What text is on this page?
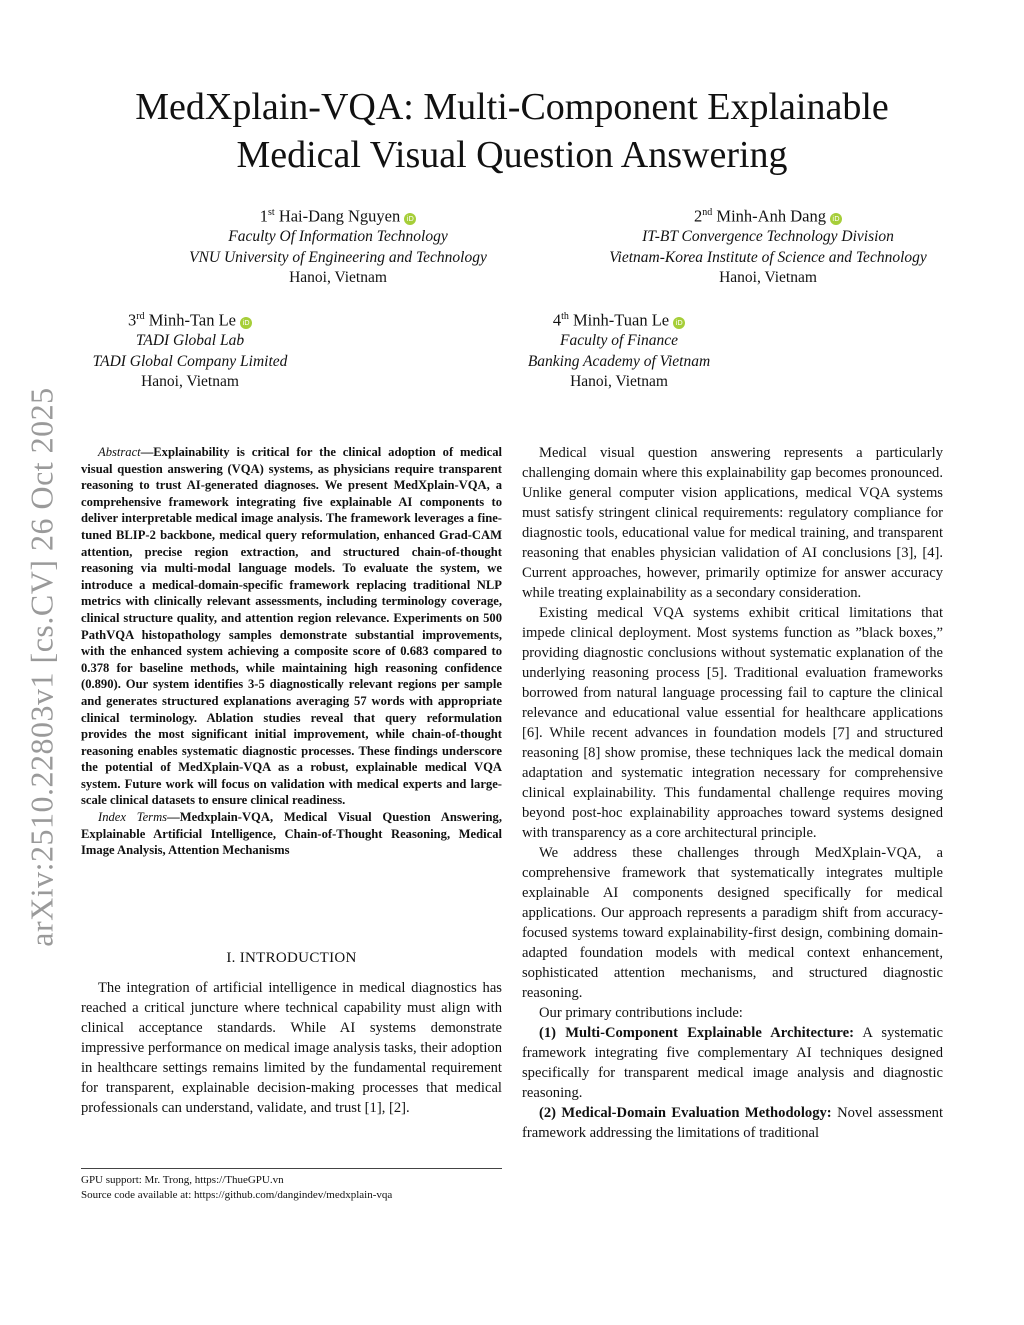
arXiv:2510.22803v1 [cs.CV] 26 Oct 2025
MedXplain-VQA: Multi-Component Explainable
Medical Visual Question Answering
1st Hai-Dang Nguyen iD
Faculty Of Information Technology
VNU University of Engineering and Technology
Hanoi, Vietnam
2nd Minh-Anh Dang iD
IT-BT Convergence Technology Division
Vietnam-Korea Institute of Science and Technology
Hanoi, Vietnam
3rd Minh-Tan Le iD
TADI Global Lab
TADI Global Company Limited
Hanoi, Vietnam
4th Minh-Tuan Le iD
Faculty of Finance
Banking Academy of Vietnam
Hanoi, Vietnam

Abstract—Explainability is critical for the clinical adoption of medical visual question answering (VQA) systems, as physicians require transparent reasoning to trust AI-generated diagnoses. We present MedXplain-VQA, a comprehensive framework integrating five explainable AI components to deliver interpretable medical image analysis. The framework leverages a fine-tuned BLIP-2 backbone, medical query reformulation, enhanced Grad-CAM attention, precise region extraction, and structured chain-of-thought reasoning via multi-modal language models. To evaluate the system, we introduce a medical-domain-specific framework replacing traditional NLP metrics with clinically relevant assessments, including terminology coverage, clinical structure quality, and attention region relevance. Experiments on 500 PathVQA histopathology samples demonstrate substantial improvements, with the enhanced system achieving a composite score of 0.683 compared to 0.378 for baseline methods, while maintaining high reasoning confidence (0.890). Our system identifies 3-5 diagnostically relevant regions per sample and generates structured explanations averaging 57 words with appropriate clinical terminology. Ablation studies reveal that query reformulation provides the most significant initial improvement, while chain-of-thought reasoning enables systematic diagnostic processes. These findings underscore the potential of MedXplain-VQA as a robust, explainable medical VQA system. Future work will focus on validation with medical experts and large-scale clinical datasets to ensure clinical readiness.

Index Terms—Medxplain-VQA, Medical Visual Question Answering, Explainable Artificial Intelligence, Chain-of-Thought Reasoning, Medical Image Analysis, Attention Mechanisms

I. INTRODUCTION

The integration of artificial intelligence in medical diagnostics has reached a critical juncture where technical capability must align with clinical acceptance standards. While AI systems demonstrate impressive performance on medical image analysis tasks, their adoption in healthcare settings remains limited by the fundamental requirement for transparent, explainable decision-making processes that medical professionals can understand, validate, and trust [1], [2].

GPU support: Mr. Trong, https://ThueGPU.vn
Source code available at: https://github.com/dangindev/medxplain-vqa

Medical visual question answering represents a particularly challenging domain where this explainability gap becomes pronounced. Unlike general computer vision applications, medical VQA systems must satisfy stringent clinical requirements: regulatory compliance for diagnostic tools, educational value for medical training, and transparent reasoning that enables physician validation of AI conclusions [3], [4]. Current approaches, however, primarily optimize for answer accuracy while treating explainability as a secondary consideration.

Existing medical VQA systems exhibit critical limitations that impede clinical deployment. Most systems function as ”black boxes,” providing diagnostic conclusions without systematic explanation of the underlying reasoning process [5]. Traditional evaluation frameworks borrowed from natural language processing fail to capture the clinical relevance and educational value essential for healthcare applications [6]. While recent advances in foundation models [7] and structured reasoning [8] show promise, these techniques lack the medical domain adaptation and systematic integration necessary for comprehensive clinical explainability. This fundamental challenge requires moving beyond post-hoc explainability approaches toward systems designed with transparency as a core architectural principle.

We address these challenges through MedXplain-VQA, a comprehensive framework that systematically integrates multiple explainable AI components designed specifically for medical applications. Our approach represents a paradigm shift from accuracy-focused systems toward explainability-first design, combining domain-adapted foundation models with medical context enhancement, sophisticated attention mechanisms, and structured diagnostic reasoning.

Our primary contributions include:

(1) Multi-Component Explainable Architecture: A systematic framework integrating five complementary AI techniques designed specifically for transparent medical image analysis and diagnostic reasoning.

(2) Medical-Domain Evaluation Methodology: Novel assessment framework addressing the limitations of traditional
